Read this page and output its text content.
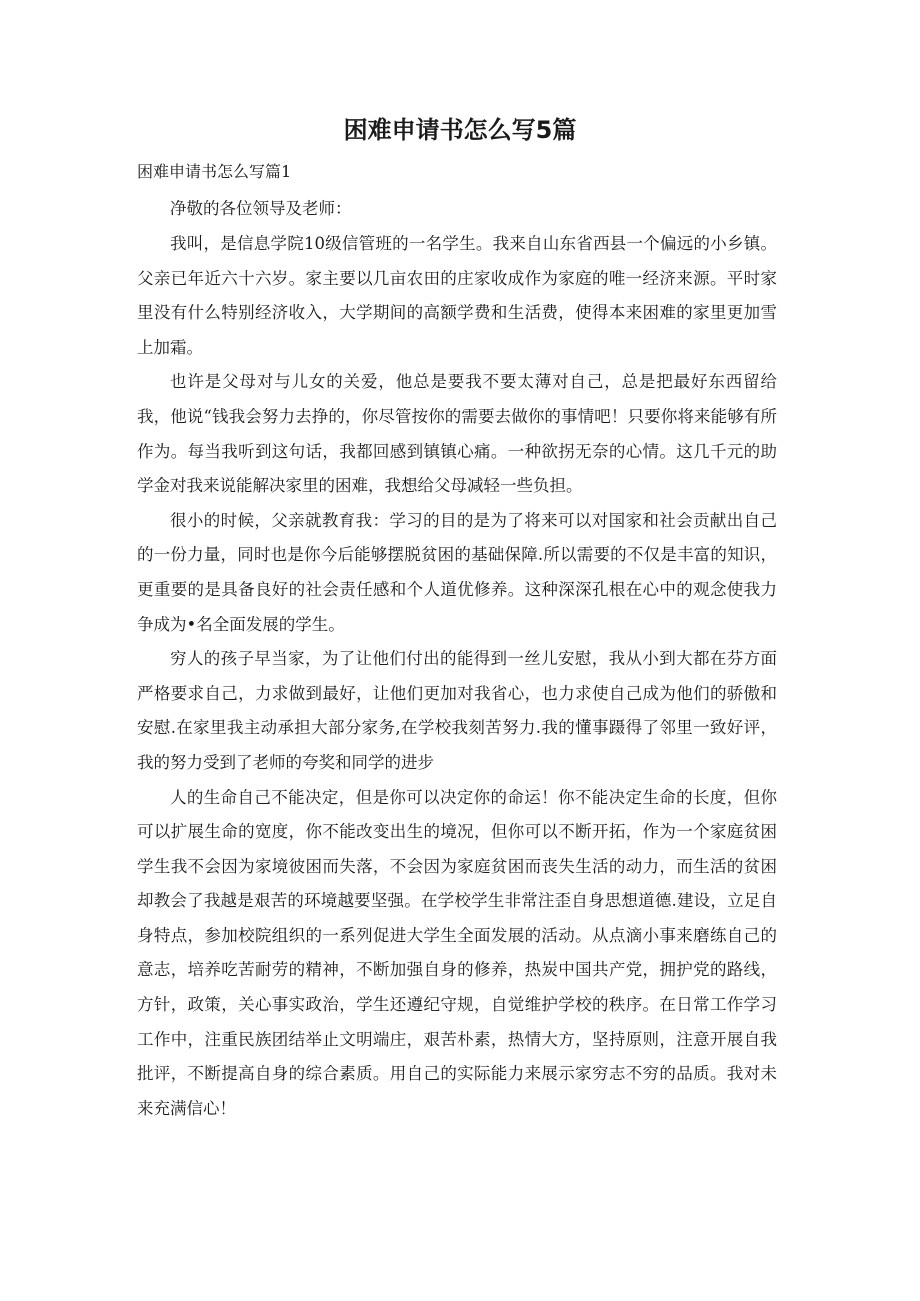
困难申请书怎么写5篇
困难申请书怎么写篇1

净敬的各位领导及老师：

我叫，是信息学院10级信管班的一名学生。我来自山东省西县一个偏远的小乡镇。父亲已年近六十六岁。家主要以几亩农田的庄家收成作为家庭的唯一经济来源。平时家里没有什么特别经济收入，大学期间的高额学费和生活费，使得本来困难的家里更加雪上加霜。

也许是父母对与儿女的关爱，他总是要我不要太薄对自己，总是把最好东西留给我，他说“钱我会努力去挣的，你尽管按你的需要去做你的事情吧！只要你将来能够有所作为。每当我听到这句话，我都回感到镇镇心痛。一种欲拐无奈的心情。这几千元的助学金对我来说能解决家里的困难，我想给父母减轻一些负担。

很小的时候，父亲就教育我：学习的目的是为了将来可以对国家和社会贡献出自己的一份力量，同时也是你今后能够摆脱贫困的基础保障.所以需要的不仅是丰富的知识，更重要的是具备良好的社会责任感和个人道优修养。这种深深孔根在心中的观念使我力争成为•名全面发展的学生。

穷人的孩子早当家，为了让他们付出的能得到一丝儿安慰，我从小到大都在芬方面严格要求自己，力求做到最好，让他们更加对我省心，也力求使自己成为他们的骄傲和安慰.在家里我主动承担大部分家务,在学校我刻苦努力.我的懂事蹑得了邻里一致好评，我的努力受到了老师的夸奖和同学的进步

人的生命自己不能决定，但是你可以决定你的命运！你不能决定生命的长度，但你可以扩展生命的宽度，你不能改变出生的境况，但你可以不断开拓，作为一个家庭贫困学生我不会因为家境彼困而失落，不会因为家庭贫困而丧失生活的动力，而生活的贫困却教会了我越是艰苦的环境越要坚强。在学校学生非常注歪自身思想道德.建设，立足自身特点，参加校院组织的一系列促进大学生全面发展的活动。从点滴小事来磨练自己的意志，培养吃苦耐劳的精神，不断加强自身的修养，热炭中国共产党，拥护党的路线，方针，政策，关心事实政治，学生还遵纪守规，自觉维护学校的秩序。在日常工作学习工作中，注重民族团结举止文明端庄，艰苦朴素，热情大方，坚持原则，注意开展自我批评，不断提高自身的综合素质。用自己的实际能力来展示家穷志不穷的品质。我对未来充满信心！
